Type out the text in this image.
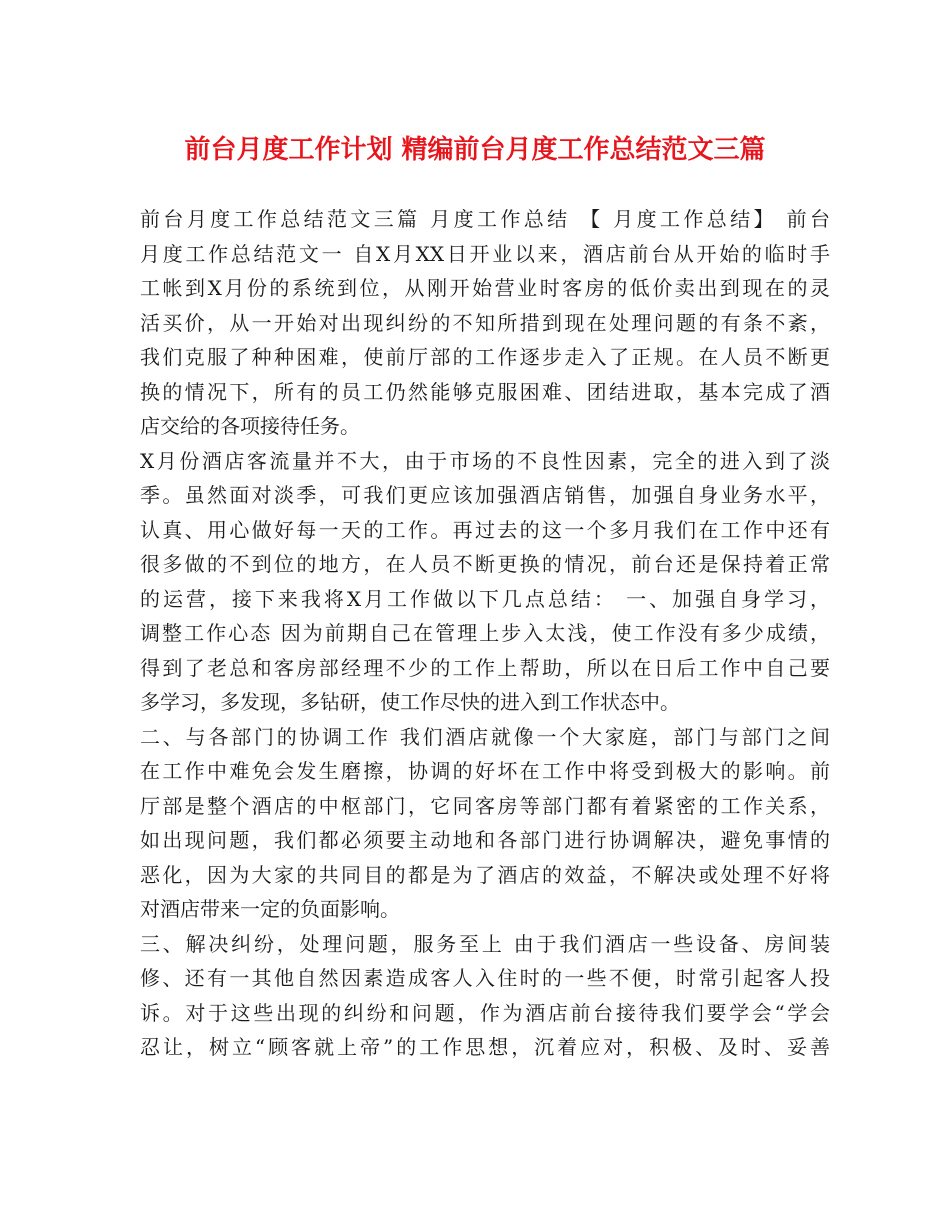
前台月度工作计划 精编前台月度工作总结范文三篇
前台月度工作总结范文三篇 月度工作总结 【 月度工作总结】 前台
月度工作总结范文一 自X月XX日开业以来，酒店前台从开始的临时手
工帐到X月份的系统到位，从刚开始营业时客房的低价卖出到现在的灵
活买价，从一开始对出现纠纷的不知所措到现在处理问题的有条不紊，
我们克服了种种困难，使前厅部的工作逐步走入了正规。在人员不断更
换的情况下，所有的员工仍然能够克服困难、团结进取，基本完成了酒
店交给的各项接待任务。
X月份酒店客流量并不大，由于市场的不良性因素，完全的进入到了淡
季。虽然面对淡季，可我们更应该加强酒店销售，加强自身业务水平，
认真、用心做好每一天的工作。再过去的这一个多月我们在工作中还有
很多做的不到位的地方，在人员不断更换的情况，前台还是保持着正常
的运营，接下来我将X月工作做以下几点总结： 一、加强自身学习，
调整工作心态 因为前期自己在管理上步入太浅，使工作没有多少成绩，
得到了老总和客房部经理不少的工作上帮助，所以在日后工作中自己要
多学习，多发现，多钻研，使工作尽快的进入到工作状态中。
二、与各部门的协调工作 我们酒店就像一个大家庭，部门与部门之间
在工作中难免会发生磨擦，协调的好坏在工作中将受到极大的影响。前
厅部是整个酒店的中枢部门，它同客房等部门都有着紧密的工作关系，
如出现问题，我们都必须要主动地和各部门进行协调解决，避免事情的
恶化，因为大家的共同目的都是为了酒店的效益，不解决或处理不好将
对酒店带来一定的负面影响。
三、解决纠纷，处理问题，服务至上 由于我们酒店一些设备、房间装
修、还有一其他自然因素造成客人入住时的一些不便，时常引起客人投
诉。对于这些出现的纠纷和问题，作为酒店前台接待我们要学会“学会
忍让，树立“顾客就上帝”的工作思想，沉着应对，积极、及时、妥善
